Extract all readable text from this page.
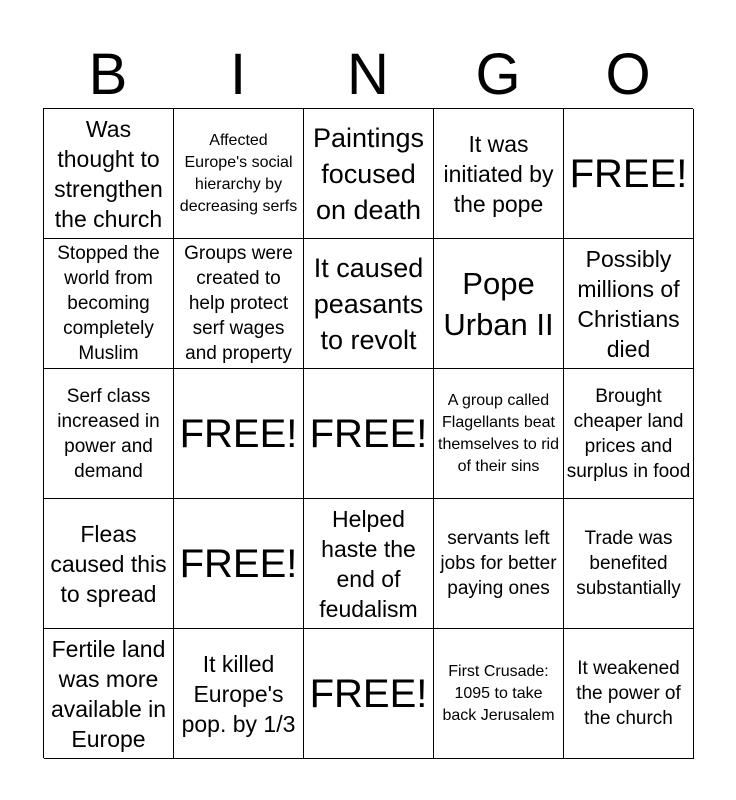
B	I	N	G	O
Was thought to strengthen the church
Affected Europe's social hierarchy by decreasing serfs
Paintings focused on death
It was initiated by the pope
FREE!
Stopped the world from becoming completely Muslim
Groups were created to help protect serf wages and property
It caused peasants to revolt
Pope Urban II
Possibly millions of Christians died
Serf class increased in power and demand
FREE! FREE!
A group called Flagellants beat themselves to rid of their sins
Brought cheaper land prices and surplus in food
Fleas caused this to spread
FREE!
Helped haste the end of feudalism
servants left jobs for better paying ones
Trade was benefited substantially
Fertile land was more available in Europe
It killed Europe's pop. by 1/3
FREE!
First Crusade: 1095 to take back Jerusalem
It weakened the power of the church
